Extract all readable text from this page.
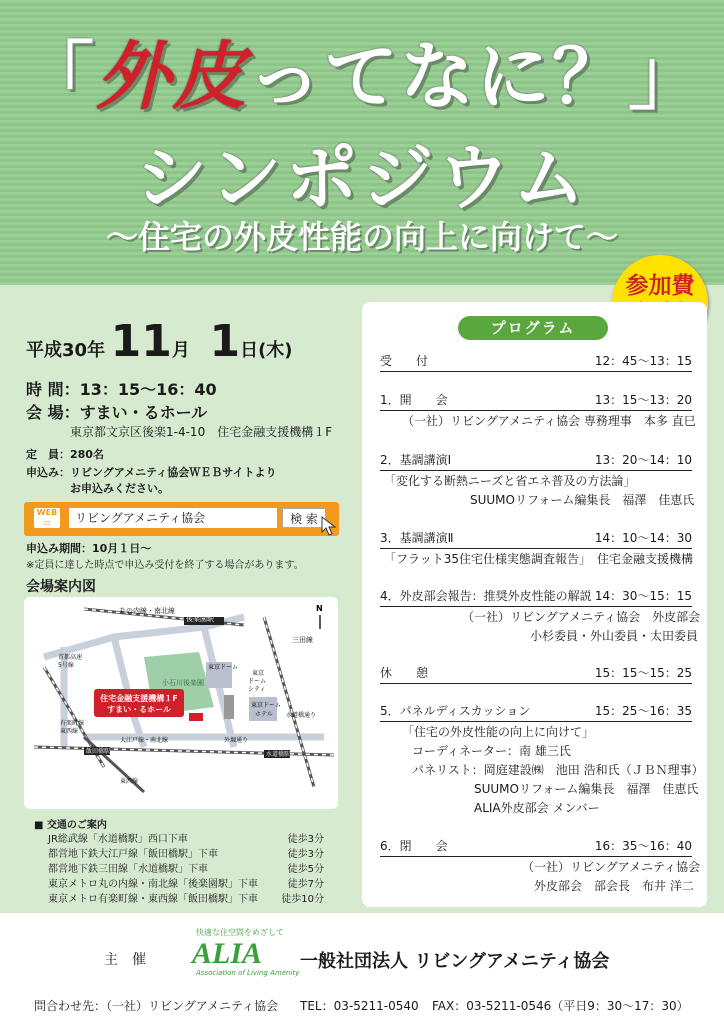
「外皮ってなに？」
シンポジウム
〜住宅の外皮性能の向上に向けて〜
参加費
平成30年 11月 1日(木)
時 間：13：15〜16：40
会 場：すまい・るホール
東京都文京区後楽1-4-10　住宅金融支援機構１F
定　員：280名
申込み：リビングアメニティ協会ＷＥＢサイトより
お申込みください。
WEB
▭	リビングアメニティ協会	検 索
申込み期間：10月１日〜
※定員に達した時点で申込み受付を終了する場合があります。
会場案内図
住宅金融支援機構１F
すまい・るホール
丸の内線・南北線
後楽園駅
三田線
首都高速
5号線
小石川後楽園
東京ドーム
東京
ドーム
シティ
東京ドーム
ホテル
有楽町線
東西線
大江戸線・南北線	外堀通り
飯田橋駅	水道橋駅
東西線
水道橋通り
N
■ 交通のご案内
JR総武線「水道橋駅」西口下車	徒歩3分
都営地下鉄大江戸線「飯田橋駅」下車	徒歩3分
都営地下鉄三田線「水道橋駅」下車	徒歩5分
東京メトロ丸の内線・南北線「後楽園駅」下車	徒歩7分
東京メトロ有楽町線・東西線「飯田橋駅」下車 徒歩10分
プログラム
受　　付	12：45〜13：15
1．開　　会	13：15〜13：20
（一社）リビングアメニティ協会 専務理事　本多 直巳
2．基調講演Ⅰ	13：20〜14：10
「変化する断熱ニーズと省エネ普及の方法論」
SUUMOリフォーム編集長　福澤　佳恵氏
3．基調講演Ⅱ	14：10〜14：30
「フラット35住宅仕様実態調査報告」　住宅金融支援機構
4．外皮部会報告：推奨外皮性能の解説 14：30〜15：15
（一社）リビングアメニティ協会　外皮部会
小杉委員・外山委員・太田委員
休　　憩	15：15〜15：25
5．パネルディスカッション	15：25〜16：35
「住宅の外皮性能の向上に向けて」
コーディネーター：南 雄三氏
パネリスト：岡庭建設㈱　池田 浩和氏（ＪＢＮ理事）
SUUMOリフォーム編集長　福澤　佳恵氏
ALIA外皮部会 メンバー
6．閉　　会	16：35〜16：40
（一社）リビングアメニティ協会
外皮部会　部会長　布井 洋二
主　催
快適な住空間をめざして
ALIA
Association of Living Amenity
一般社団法人 リビングアメニティ協会
問合わせ先：（一社）リビングアメニティ協会 TEL：03-5211-0540 FAX：03-5211-0546（平日9：30〜17：30）
